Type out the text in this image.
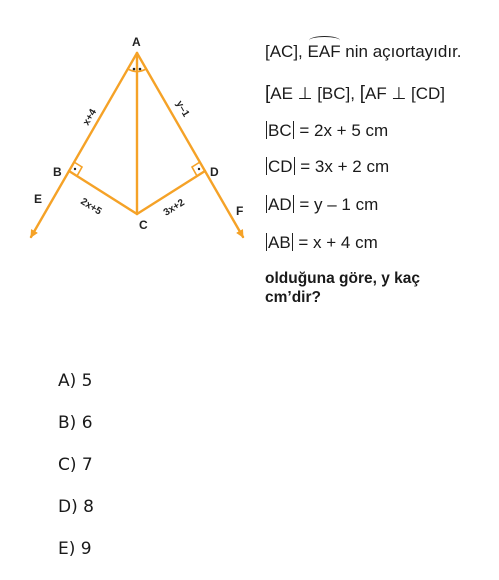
A
B
C
D
E
F
x+4	y–1
2x+5	3x+2
[AC], EAF nin açıortayıdır.
[AE ⊥ [BC], [AF ⊥ [CD]
BC = 2x + 5 cm
CD = 3x + 2 cm
AD = y – 1 cm
AB = x + 4 cm
olduğuna göre, y kaç
cm’dir?
A) 5
B) 6
C) 7
D) 8
E) 9
